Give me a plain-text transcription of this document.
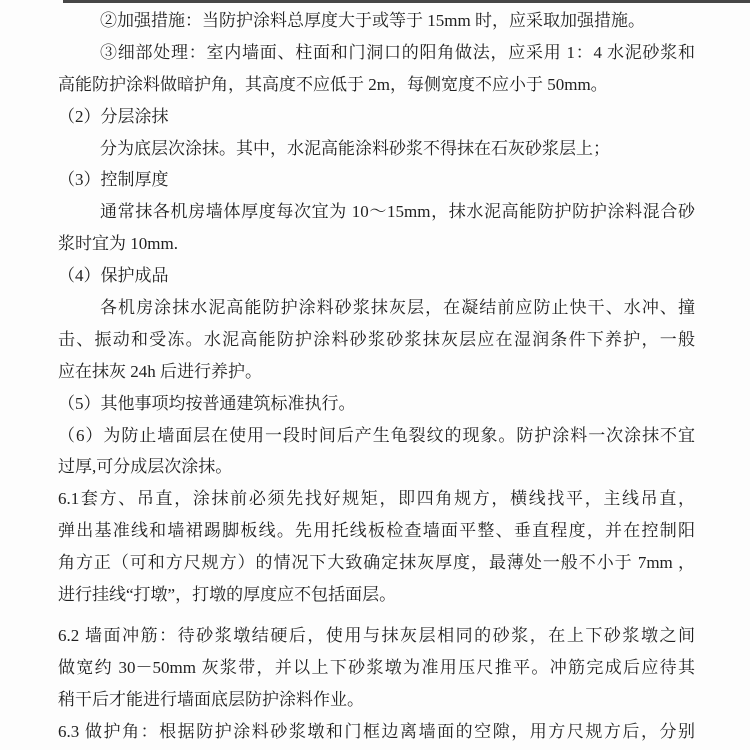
②加强措施：当防护涂料总厚度大于或等于 15mm 时，应采取加强措施。
③细部处理：室内墙面、柱面和门洞口的阳角做法，应采用 1：4 水泥砂浆和
高能防护涂料做暗护角，其高度不应低于 2m，每侧宽度不应小于 50mm。
（2）分层涂抹
分为底层次涂抹。其中，水泥高能涂料砂浆不得抹在石灰砂浆层上；
（3）控制厚度
通常抹各机房墙体厚度每次宜为 10～15mm，抹水泥高能防护防护涂料混合砂
浆时宜为 10mm.
（4）保护成品
各机房涂抹水泥高能防护涂料砂浆抹灰层，在凝结前应防止快干、水冲、撞
击、振动和受冻。水泥高能防护涂料砂浆砂浆抹灰层应在湿润条件下养护，一般
应在抹灰 24h 后进行养护。
（5）其他事项均按普通建筑标准执行。
（6）为防止墙面层在使用一段时间后产生龟裂纹的现象。防护涂料一次涂抹不宜
过厚,可分成层次涂抹。
6.1套方、吊直，涂抹前必须先找好规矩，即四角规方，横线找平，主线吊直，
弹出基准线和墙裙踢脚板线。先用托线板检查墙面平整、垂直程度，并在控制阳
角方正（可和方尺规方）的情况下大致确定抹灰厚度，最薄处一般不小于 7mm ，
进行挂线“打墩”，打墩的厚度应不包括面层。
6.2 墙面冲筋：待砂浆墩结硬后，使用与抹灰层相同的砂浆，在上下砂浆墩之间
做宽约 30－50mm 灰浆带，并以上下砂浆墩为准用压尺推平。冲筋完成后应待其
稍干后才能进行墙面底层防护涂料作业。
6.3 做护角：根据防护涂料砂浆墩和门框边离墙面的空隙，用方尺规方后，分别
